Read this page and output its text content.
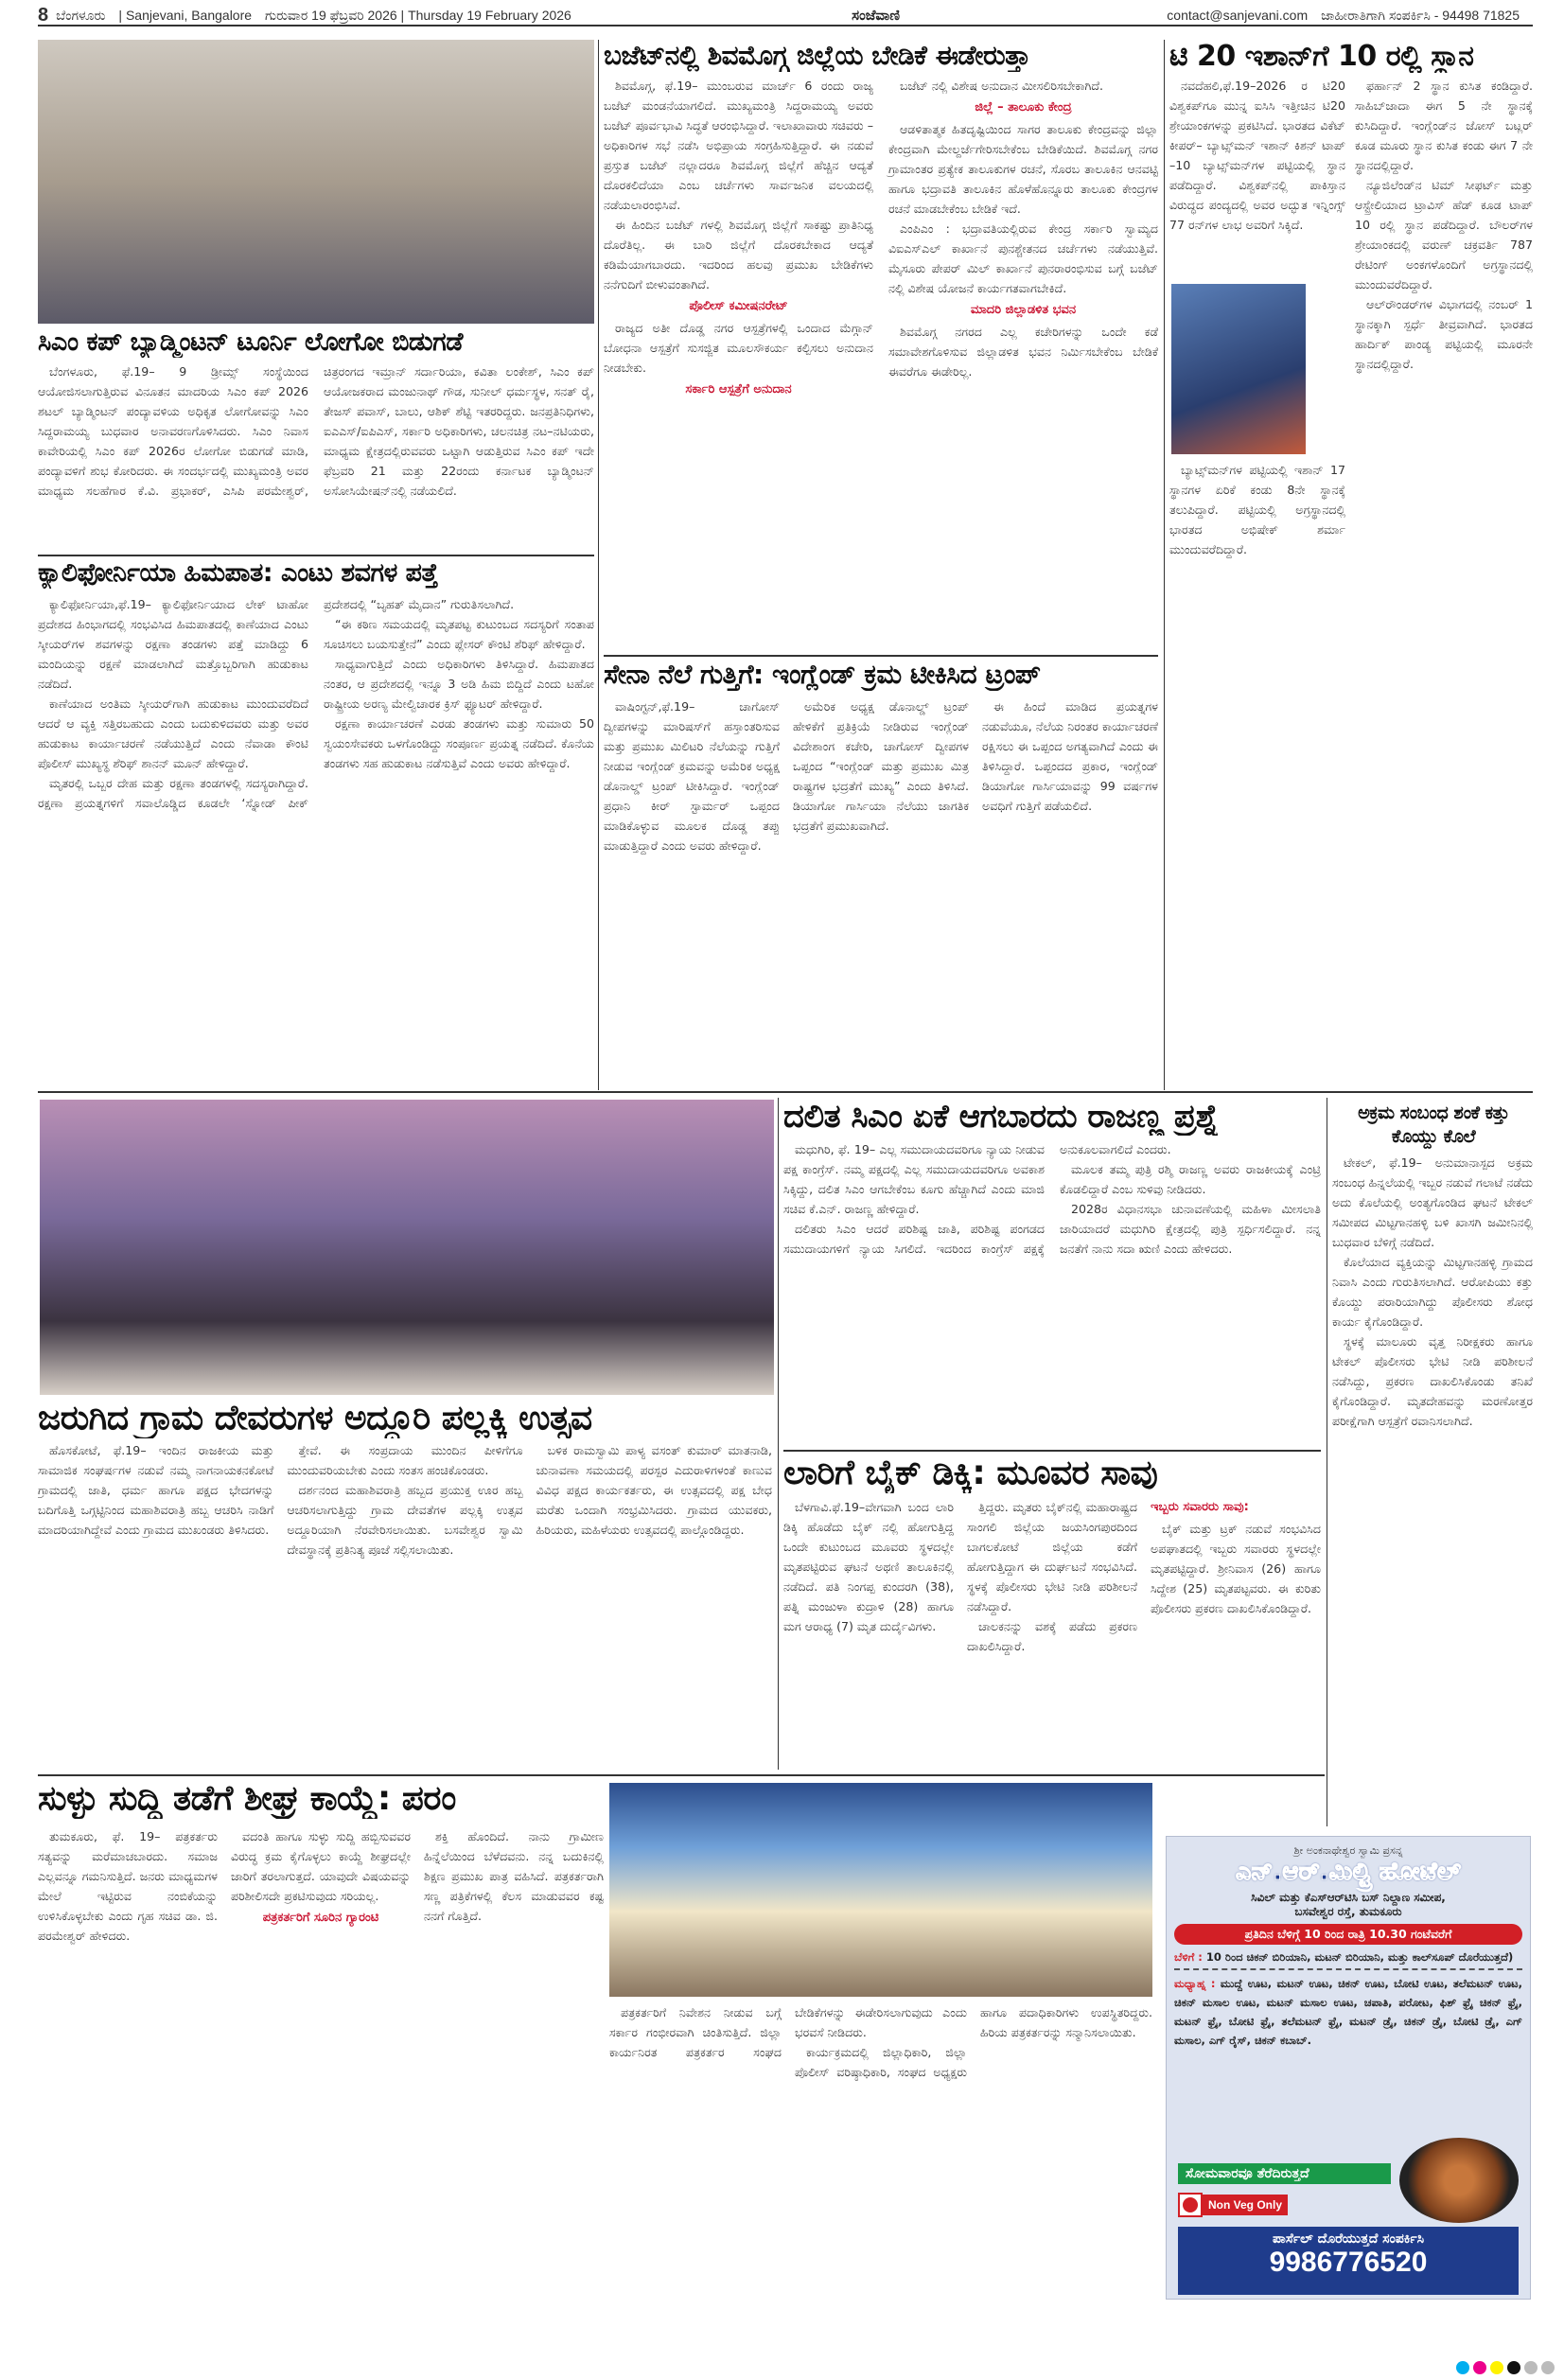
8 ಬೆಂಗಳೂರು | Sanjevani, Bangalore ಗುರುವಾರ 19 ಫೆಬ್ರವರಿ 2026 | Thursday 19 February 2026	ಸಂಜೆವಾಣಿ	contact@sanjevani.com ಜಾಹೀರಾತಿಗಾಗಿ ಸಂಪರ್ಕಿಸಿ - 94498 71825
ಸಿಎಂ ಕಪ್ ಬ್ಯಾಡ್ಮಿಂಟನ್ ಟೂರ್ನಿ ಲೋಗೋ ಬಿಡುಗಡೆ

ಬೆಂಗಳೂರು, ಫೆ.19– 9 ಡ್ರೀಮ್ಸ್ ಸಂಸ್ಥೆಯಿಂದ ಆಯೋಜಿಸಲಾಗುತ್ತಿರುವ ವಿನೂತನ ಮಾದರಿಯ ಸಿಎಂ ಕಪ್ 2026 ಶಟಲ್ ಬ್ಯಾಡ್ಮಿಂಟನ್ ಪಂದ್ಯಾವಳಿಯ ಅಧಿಕೃತ ಲೋಗೋವನ್ನು ಸಿಎಂ ಸಿದ್ದರಾಮಯ್ಯ ಬುಧವಾರ ಅನಾವರಣಗೊಳಿಸಿದರು. ಸಿಎಂ ನಿವಾಸ ಕಾವೇರಿಯಲ್ಲಿ ಸಿಎಂ ಕಪ್ 2026ರ ಲೋಗೋ ಬಿಡುಗಡೆ ಮಾಡಿ, ಪಂದ್ಯಾವಳಿಗೆ ಶುಭ ಕೋರಿದರು. ಈ ಸಂದರ್ಭದಲ್ಲಿ ಮುಖ್ಯಮಂತ್ರಿ ಅವರ ಮಾಧ್ಯಮ ಸಲಹೆಗಾರ ಕೆ.ವಿ. ಪ್ರಭಾಕರ್, ಎಸಿಪಿ ಪರಮೇಶ್ವರ್, ಚಿತ್ರರಂಗದ ಇಮ್ರಾನ್ ಸರ್ದಾರಿಯಾ, ಕವಿತಾ ಲಂಕೇಶ್, ಸಿಎಂ ಕಪ್ ಆಯೋಜಕರಾದ ಮಂಜುನಾಥ್ ಗೌಡ, ಸುನೀಲ್ ಧರ್ಮಸ್ಥಳ, ಸನತ್ ರೈ, ತೇಜಸ್ ಪವಾಸ್, ಬಾಲು, ಆಶಿಕ್ ಶೆಟ್ಟಿ ಇತರರಿದ್ದರು. ಜನಪ್ರತಿನಿಧಿಗಳು, ಐಎಎಸ್/ಐಪಿಎಸ್, ಸರ್ಕಾರಿ ಅಧಿಕಾರಿಗಳು, ಚಲನಚಿತ್ರ ನಟ–ನಟಿಯರು, ಮಾಧ್ಯಮ ಕ್ಷೇತ್ರದಲ್ಲಿರುವವರು ಒಟ್ಟಾಗಿ ಆಡುತ್ತಿರುವ ಸಿಎಂ ಕಪ್ ಇದೇ ಫೆಬ್ರವರಿ 21 ಮತ್ತು 22ರಂದು ಕರ್ನಾಟಕ ಬ್ಯಾಡ್ಮಿಂಟನ್ ಅಸೋಸಿಯೇಷನ್‌ನಲ್ಲಿ ನಡೆಯಲಿದೆ.

ಕ್ಯಾಲಿಫೋರ್ನಿಯಾ ಹಿಮಪಾತ: ಎಂಟು ಶವಗಳ ಪತ್ತೆ

ಕ್ಯಾಲಿಫೋರ್ನಿಯಾ,ಫೆ.19– ಕ್ಯಾಲಿಫೋರ್ನಿಯಾದ ಲೇಕ್ ಟಾಹೋ ಪ್ರದೇಶದ ಹಿಂಭಾಗದಲ್ಲಿ ಸಂಭವಿಸಿದ ಹಿಮಪಾತದಲ್ಲಿ ಕಾಣೆಯಾದ ಎಂಟು ಸ್ಕೀಯರ್‌ಗಳ ಶವಗಳನ್ನು ರಕ್ಷಣಾ ತಂಡಗಳು ಪತ್ತೆ ಮಾಡಿದ್ದು 6 ಮಂದಿಯನ್ನು ರಕ್ಷಣೆ ಮಾಡಲಾಗಿದೆ ಮತ್ತೊಬ್ಬರಿಗಾಗಿ ಹುಡುಕಾಟ ನಡೆದಿದೆ.

ಕಾಣೆಯಾದ ಅಂತಿಮ ಸ್ಕೀಯರ್‌ಗಾಗಿ ಹುಡುಕಾಟ ಮುಂದುವರೆದಿದೆ ಆದರೆ ಆ ವ್ಯಕ್ತಿ ಸತ್ತಿರಬಹುದು ಎಂದು ಬದುಕುಳಿದವರು ಮತ್ತು ಅವರ ಹುಡುಕಾಟ ಕಾರ್ಯಾಚರಣೆ ನಡೆಯುತ್ತಿದೆ ಎಂದು ನೆವಾಡಾ ಕೌಂಟಿ ಪೊಲೀಸ್ ಮುಖ್ಯಸ್ಥ ಶೆರಿಫ್ ಶಾನನ್ ಮೂನ್ ಹೇಳಿದ್ದಾರೆ.

ಮೃತರಲ್ಲಿ ಒಬ್ಬರ ದೇಹ ಮತ್ತು ರಕ್ಷಣಾ ತಂಡಗಳಲ್ಲಿ ಸದಸ್ಯರಾಗಿದ್ದಾರೆ. ರಕ್ಷಣಾ ಪ್ರಯತ್ನಗಳಿಗೆ ಸವಾಲೊಡ್ಡಿದ ಕೂಡಲೇ ‘ಸ್ನೋಡ್ ಪೀಕ್ ಪ್ರದೇಶದಲ್ಲಿ “ಬೃಹತ್ ಮೈದಾನ” ಗುರುತಿಸಲಾಗಿದೆ.

“ಈ ಕಠಿಣ ಸಮಯದಲ್ಲಿ ಮೃತಪಟ್ಟ ಕುಟುಂಬದ ಸದಸ್ಯರಿಗೆ ಸಂತಾಪ ಸೂಚಿಸಲು ಬಯಸುತ್ತೇನೆ” ಎಂದು ಪ್ಲೇಸರ್ ಕೌಂಟಿ ಶೆರಿಫ್ ಹೇಳಿದ್ದಾರೆ.

ಸಾಧ್ಯವಾಗುತ್ತಿದೆ ಎಂದು ಅಧಿಕಾರಿಗಳು ತಿಳಿಸಿದ್ದಾರೆ. ಹಿಮಪಾತದ ನಂತರ, ಆ ಪ್ರದೇಶದಲ್ಲಿ ಇನ್ನೂ 3 ಅಡಿ ಹಿಮ ಬಿದ್ದಿದೆ ಎಂದು ಟಹೋ ರಾಷ್ಟ್ರೀಯ ಅರಣ್ಯ ಮೇಲ್ವಿಚಾರಕ ಕ್ರಿಸ್ ಫ್ಯೂಟರ್ ಹೇಳಿದ್ದಾರೆ.

ರಕ್ಷಣಾ ಕಾರ್ಯಾಚರಣೆ ಎರಡು ತಂಡಗಳು ಮತ್ತು ಸುಮಾರು 50 ಸ್ವಯಂಸೇವಕರು ಒಳಗೊಂಡಿದ್ದು ಸಂಪೂರ್ಣ ಪ್ರಯತ್ನ ನಡೆದಿದೆ. ಕೊನೆಯ ತಂಡಗಳು ಸಹ ಹುಡುಕಾಟ ನಡೆಸುತ್ತಿವೆ ಎಂದು ಅವರು ಹೇಳಿದ್ದಾರೆ.

ಬಜೆಟ್‌ನಲ್ಲಿ ಶಿವಮೊಗ್ಗ ಜಿಲ್ಲೆಯ ಬೇಡಿಕೆ ಈಡೇರುತ್ತಾ

ಶಿವಮೊಗ್ಗ, ಫೆ.19– ಮುಂಬರುವ ಮಾರ್ಚ್ 6 ರಂದು ರಾಜ್ಯ ಬಜೆಟ್ ಮಂಡನೆಯಾಗಲಿದೆ. ಮುಖ್ಯಮಂತ್ರಿ ಸಿದ್ದರಾಮಯ್ಯ ಅವರು ಬಜೆಟ್ ಪೂರ್ವಭಾವಿ ಸಿದ್ಧತೆ ಆರಂಭಿಸಿದ್ದಾರೆ. ಇಲಾಖಾವಾರು ಸಚಿವರು – ಅಧಿಕಾರಿಗಳ ಸಭೆ ನಡೆಸಿ ಅಭಿಪ್ರಾಯ ಸಂಗ್ರಹಿಸುತ್ತಿದ್ದಾರೆ. ಈ ನಡುವೆ ಪ್ರಸ್ತುತ ಬಜೆಟ್ ನಲ್ಲಾದರೂ ಶಿವಮೊಗ್ಗ ಜಿಲ್ಲೆಗೆ ಹೆಚ್ಚಿನ ಆದ್ಯತೆ ದೊರಕಲಿದೆಯಾ ಎಂಬ ಚರ್ಚೆಗಳು ಸಾರ್ವಜನಿಕ ವಲಯದಲ್ಲಿ ನಡೆಯಲಾರಂಭಿಸಿವೆ.

ಈ ಹಿಂದಿನ ಬಜೆಟ್ ಗಳಲ್ಲಿ ಶಿವಮೊಗ್ಗ ಜಿಲ್ಲೆಗೆ ಸಾಕಷ್ಟು ಪ್ರಾತಿನಿಧ್ಯ ದೊರೆತಿಲ್ಲ. ಈ ಬಾರಿ ಜಿಲ್ಲೆಗೆ ದೊರಕಬೇಕಾದ ಆದ್ಯತೆ ಕಡಿಮೆಯಾಗಬಾರದು. ಇದರಿಂದ ಹಲವು ಪ್ರಮುಖ ಬೇಡಿಕೆಗಳು ನನೆಗುದಿಗೆ ಬೀಳುವಂತಾಗಿದೆ.

ಪೊಲೀಸ್ ಕಮೀಷನರೇಟ್

ರಾಜ್ಯದ ಅತೀ ದೊಡ್ಡ ನಗರ ಆಸ್ಪತ್ರೆಗಳಲ್ಲಿ ಒಂದಾದ ಮೆಗ್ಗಾನ್ ಬೋಧನಾ ಆಸ್ಪತ್ರೆಗೆ ಸುಸಜ್ಜಿತ ಮೂಲಸೌಕರ್ಯ ಕಲ್ಪಿಸಲು ಅನುದಾನ ನೀಡಬೇಕು.

ಸರ್ಕಾರಿ ಆಸ್ಪತ್ರೆಗೆ ಅನುದಾನ

ಬಜೆಟ್ ನಲ್ಲಿ ವಿಶೇಷ ಅನುದಾನ ಮೀಸಲಿರಿಸಬೇಕಾಗಿದೆ.

ಜಿಲ್ಲೆ – ತಾಲೂಕು ಕೇಂದ್ರ

ಆಡಳಿತಾತ್ಮಕ ಹಿತದೃಷ್ಟಿಯಿಂದ ಸಾಗರ ತಾಲೂಕು ಕೇಂದ್ರವನ್ನು ಜಿಲ್ಲಾ ಕೇಂದ್ರವಾಗಿ ಮೇಲ್ದರ್ಜೆಗೇರಿಸಬೇಕೆಂಬ ಬೇಡಿಕೆಯಿದೆ. ಶಿವಮೊಗ್ಗ ನಗರ ಗ್ರಾಮಾಂತರ ಪ್ರತ್ಯೇಕ ತಾಲೂಕುಗಳ ರಚನೆ, ಸೊರಬ ತಾಲೂಕಿನ ಆನವಟ್ಟಿ ಹಾಗೂ ಭದ್ರಾವತಿ ತಾಲೂಕಿನ ಹೊಳೆಹೊನ್ನೂರು ತಾಲೂಕು ಕೇಂದ್ರಗಳ ರಚನೆ ಮಾಡಬೇಕೆಂಬ ಬೇಡಿಕೆ ಇದೆ.

ಎಂಪಿಎಂ : ಭದ್ರಾವತಿಯಲ್ಲಿರುವ ಕೇಂದ್ರ ಸರ್ಕಾರಿ ಸ್ವಾಮ್ಯದ ವಿಐಎಸ್‌ಎಲ್ ಕಾರ್ಖಾನೆ ಪುನಶ್ಚೇತನದ ಚರ್ಚೆಗಳು ನಡೆಯುತ್ತಿವೆ. ಮೈಸೂರು ಪೇಪರ್ ಮಿಲ್ ಕಾರ್ಖಾನೆ ಪುನರಾರಂಭಿಸುವ ಬಗ್ಗೆ ಬಜೆಟ್ ನಲ್ಲಿ ವಿಶೇಷ ಯೋಜನೆ ಕಾರ್ಯಗತವಾಗಬೇಕಿದೆ.

ಮಾದರಿ ಜಿಲ್ಲಾಡಳಿತ ಭವನ

ಶಿವಮೊಗ್ಗ ನಗರದ ಎಲ್ಲ ಕಚೇರಿಗಳನ್ನು ಒಂದೇ ಕಡೆ ಸಮಾವೇಶಗೊಳಿಸುವ ಜಿಲ್ಲಾಡಳಿತ ಭವನ ನಿರ್ಮಿಸಬೇಕೆಂಬ ಬೇಡಿಕೆ ಈವರೆಗೂ ಈಡೇರಿಲ್ಲ.

ಸೇನಾ ನೆಲೆ ಗುತ್ತಿಗೆ: ಇಂಗ್ಲೆಂಡ್ ಕ್ರಮ ಟೀಕಿಸಿದ ಟ್ರಂಪ್

ವಾಷಿಂಗ್ಟನ್,ಫೆ.19– ಚಾಗೋಸ್ ದ್ವೀಪಗಳನ್ನು ಮಾರಿಷಸ್‌ಗೆ ಹಸ್ತಾಂತರಿಸುವ ಮತ್ತು ಪ್ರಮುಖ ಮಿಲಿಟರಿ ನೆಲೆಯನ್ನು ಗುತ್ತಿಗೆ ನೀಡುವ ಇಂಗ್ಲೆಂಡ್ ಕ್ರಮವನ್ನು ಅಮೆರಿಕ ಅಧ್ಯಕ್ಷ ಡೊನಾಲ್ಡ್ ಟ್ರಂಪ್ ಟೀಕಿಸಿದ್ದಾರೆ. ಇಂಗ್ಲೆಂಡ್ ಪ್ರಧಾನಿ ಕೀರ್ ಸ್ಟಾರ್ಮರ್ ಒಪ್ಪಂದ ಮಾಡಿಕೊಳ್ಳುವ ಮೂಲಕ ದೊಡ್ಡ ತಪ್ಪು ಮಾಡುತ್ತಿದ್ದಾರೆ ಎಂದು ಅವರು ಹೇಳಿದ್ದಾರೆ.

ಅಮೆರಿಕ ಅಧ್ಯಕ್ಷ ಡೊನಾಲ್ಡ್ ಟ್ರಂಪ್ ಹೇಳಿಕೆಗೆ ಪ್ರತಿಕ್ರಿಯೆ ನೀಡಿರುವ ಇಂಗ್ಲೆಂಡ್ ವಿದೇಶಾಂಗ ಕಚೇರಿ, ಚಾಗೋಸ್ ದ್ವೀಪಗಳ ಒಪ್ಪಂದ “ಇಂಗ್ಲೆಂಡ್ ಮತ್ತು ಪ್ರಮುಖ ಮಿತ್ರ ರಾಷ್ಟ್ರಗಳ ಭದ್ರತೆಗೆ ಮುಖ್ಯ” ಎಂದು ತಿಳಿಸಿದೆ. ಡಿಯಾಗೋ ಗಾರ್ಸಿಯಾ ನೆಲೆಯು ಜಾಗತಿಕ ಭದ್ರತೆಗೆ ಪ್ರಮುಖವಾಗಿದೆ.

ಈ ಹಿಂದೆ ಮಾಡಿದ ಪ್ರಯತ್ನಗಳ ನಡುವೆಯೂ, ನೆಲೆಯ ನಿರಂತರ ಕಾರ್ಯಾಚರಣೆ ರಕ್ಷಿಸಲು ಈ ಒಪ್ಪಂದ ಅಗತ್ಯವಾಗಿದೆ ಎಂದು ಈ ತಿಳಿಸಿದ್ದಾರೆ. ಒಪ್ಪಂದದ ಪ್ರಕಾರ, ಇಂಗ್ಲೆಂಡ್ ಡಿಯಾಗೋ ಗಾರ್ಸಿಯಾವನ್ನು 99 ವರ್ಷಗಳ ಅವಧಿಗೆ ಗುತ್ತಿಗೆ ಪಡೆಯಲಿದೆ.

ಟಿ 20 ಇಶಾನ್‌ಗೆ 10 ರಲ್ಲಿ ಸ್ಥಾನ

ನವದೆಹಲಿ,ಫೆ.19–2026 ರ ಟಿ20 ವಿಶ್ವಕಪ್‌ಗೂ ಮುನ್ನ ಐಸಿಸಿ ಇತ್ತೀಚಿನ ಟಿ20 ಶ್ರೇಯಾಂಕಗಳನ್ನು ಪ್ರಕಟಿಸಿದೆ. ಭಾರತದ ವಿಕೆಟ್ ಕೀಪರ್– ಬ್ಯಾಟ್ಸ್‌ಮನ್ ಇಶಾನ್ ಕಿಶನ್ ಟಾಪ್ –10 ಬ್ಯಾಟ್ಸ್‌ಮನ್‌ಗಳ ಪಟ್ಟಿಯಲ್ಲಿ ಸ್ಥಾನ ಪಡೆದಿದ್ದಾರೆ. ವಿಶ್ವಕಪ್‌ನಲ್ಲಿ ಪಾಕಿಸ್ತಾನ ವಿರುದ್ಧದ ಪಂದ್ಯದಲ್ಲಿ ಅವರ ಅದ್ಭುತ ಇನ್ನಿಂಗ್ಸ್ 77 ರನ್‌ಗಳ ಲಾಭ ಅವರಿಗೆ ಸಿಕ್ಕಿದೆ.

ಬ್ಯಾಟ್ಸ್‌ಮನ್‌ಗಳ ಪಟ್ಟಿಯಲ್ಲಿ ಇಶಾನ್ 17 ಸ್ಥಾನಗಳ ಏರಿಕೆ ಕಂಡು 8ನೇ ಸ್ಥಾನಕ್ಕೆ ತಲುಪಿದ್ದಾರೆ. ಪಟ್ಟಿಯಲ್ಲಿ ಅಗ್ರಸ್ಥಾನದಲ್ಲಿ ಭಾರತದ ಅಭಿಷೇಕ್ ಶರ್ಮಾ ಮುಂದುವರೆದಿದ್ದಾರೆ.

ಫರ್ಹಾನ್ 2 ಸ್ಥಾನ ಕುಸಿತ ಕಂಡಿದ್ದಾರೆ. ಸಾಹಿಬ್‌ಜಾದಾ ಈಗ 5 ನೇ ಸ್ಥಾನಕ್ಕೆ ಕುಸಿದಿದ್ದಾರೆ. ಇಂಗ್ಲೆಂಡ್‌ನ ಜೋಸ್ ಬಟ್ಲರ್ ಕೂಡ ಮೂರು ಸ್ಥಾನ ಕುಸಿತ ಕಂಡು ಈಗ 7 ನೇ ಸ್ಥಾನದಲ್ಲಿದ್ದಾರೆ.

ನ್ಯೂಜಿಲೆಂಡ್‌ನ ಟಿಮ್ ಸೀಫರ್ಟ್ ಮತ್ತು ಆಸ್ಟ್ರೇಲಿಯಾದ ಟ್ರಾವಿಸ್ ಹೆಡ್ ಕೂಡ ಟಾಪ್ 10 ರಲ್ಲಿ ಸ್ಥಾನ ಪಡೆದಿದ್ದಾರೆ. ಬೌಲರ್‌ಗಳ ಶ್ರೇಯಾಂಕದಲ್ಲಿ ವರುಣ್ ಚಕ್ರವರ್ತಿ 787 ರೇಟಿಂಗ್ ಅಂಕಗಳೊಂದಿಗೆ ಅಗ್ರಸ್ಥಾನದಲ್ಲಿ ಮುಂದುವರೆದಿದ್ದಾರೆ.

ಆಲ್‌ರೌಂಡರ್‌ಗಳ ವಿಭಾಗದಲ್ಲಿ ನಂಬರ್ 1 ಸ್ಥಾನಕ್ಕಾಗಿ ಸ್ಪರ್ಧೆ ತೀವ್ರವಾಗಿದೆ. ಭಾರತದ ಹಾರ್ದಿಕ್ ಪಾಂಡ್ಯ ಪಟ್ಟಿಯಲ್ಲಿ ಮೂರನೇ ಸ್ಥಾನದಲ್ಲಿದ್ದಾರೆ.

ಜರುಗಿದ ಗ್ರಾಮ ದೇವರುಗಳ ಅದ್ದೂರಿ ಪಲ್ಲಕ್ಕಿ ಉತ್ಸವ

ಹೊಸಕೋಟೆ, ಫೆ.19– ಇಂದಿನ ರಾಜಕೀಯ ಮತ್ತು ಸಾಮಾಜಿಕ ಸಂಘರ್ಷಗಳ ನಡುವೆ ನಮ್ಮ ನಾಗನಾಯಕನಕೋಟೆ ಗ್ರಾಮದಲ್ಲಿ ಜಾತಿ, ಧರ್ಮ ಹಾಗೂ ಪಕ್ಷದ ಭೇದಗಳನ್ನು ಬದಿಗೊತ್ತಿ ಒಗ್ಗಟ್ಟಿನಿಂದ ಮಹಾಶಿವರಾತ್ರಿ ಹಬ್ಬ ಆಚರಿಸಿ ನಾಡಿಗೆ ಮಾದರಿಯಾಗಿದ್ದೇವೆ ಎಂದು ಗ್ರಾಮದ ಮುಖಂಡರು ತಿಳಿಸಿದರು.

ತ್ತೇವೆ. ಈ ಸಂಪ್ರದಾಯ ಮುಂದಿನ ಪೀಳಿಗೆಗೂ ಮುಂದುವರಿಯಬೇಕು ಎಂದು ಸಂತಸ ಹಂಚಿಕೊಂಡರು.

ದರ್ಶನಂದ ಮಹಾಶಿವರಾತ್ರಿ ಹಬ್ಬದ ಪ್ರಯುಕ್ತ ಊರ ಹಬ್ಬ ಆಚರಿಸಲಾಗುತ್ತಿದ್ದು ಗ್ರಾಮ ದೇವತೆಗಳ ಪಲ್ಲಕ್ಕಿ ಉತ್ಸವ ಅದ್ದೂರಿಯಾಗಿ ನೆರವೇರಿಸಲಾಯಿತು. ಬಸವೇಶ್ವರ ಸ್ವಾಮಿ ದೇವಸ್ಥಾನಕ್ಕೆ ಪ್ರತಿನಿತ್ಯ ಪೂಜೆ ಸಲ್ಲಿಸಲಾಯಿತು.

ಬಳಿಕ ರಾಮಸ್ವಾಮಿ ಪಾಳ್ಯ ವಸಂತ್ ಕುಮಾರ್ ಮಾತನಾಡಿ, ಚುನಾವಣಾ ಸಮಯದಲ್ಲಿ ಪರಸ್ಪರ ಎದುರಾಳಿಗಳಂತೆ ಕಾಣುವ ವಿವಿಧ ಪಕ್ಷದ ಕಾರ್ಯಕರ್ತರು, ಈ ಉತ್ಸವದಲ್ಲಿ ಪಕ್ಷ ಬೇಧ ಮರೆತು ಒಂದಾಗಿ ಸಂಭ್ರಮಿಸಿದರು. ಗ್ರಾಮದ ಯುವಕರು, ಹಿರಿಯರು, ಮಹಿಳೆಯರು ಉತ್ಸವದಲ್ಲಿ ಪಾಲ್ಗೊಂಡಿದ್ದರು.

ದಲಿತ ಸಿಎಂ ಏಕೆ ಆಗಬಾರದು ರಾಜಣ್ಣ ಪ್ರಶ್ನೆ

ಮಧುಗಿರಿ, ಫೆ. 19– ಎಲ್ಲ ಸಮುದಾಯದವರಿಗೂ ನ್ಯಾಯ ನೀಡುವ ಪಕ್ಷ ಕಾಂಗ್ರೆಸ್. ನಮ್ಮ ಪಕ್ಷದಲ್ಲಿ ಎಲ್ಲ ಸಮುದಾಯದವರಿಗೂ ಅವಕಾಶ ಸಿಕ್ಕಿದ್ದು, ದಲಿತ ಸಿಎಂ ಆಗಬೇಕೆಂಬ ಕೂಗು ಹೆಚ್ಚಾಗಿದೆ ಎಂದು ಮಾಜಿ ಸಚಿವ ಕೆ.ಎನ್. ರಾಜಣ್ಣ ಹೇಳಿದ್ದಾರೆ.

ದಲಿತರು ಸಿಎಂ ಆದರೆ ಪರಿಶಿಷ್ಟ ಜಾತಿ, ಪರಿಶಿಷ್ಟ ಪಂಗಡದ ಸಮುದಾಯಗಳಿಗೆ ನ್ಯಾಯ ಸಿಗಲಿದೆ. ಇದರಿಂದ ಕಾಂಗ್ರೆಸ್ ಪಕ್ಷಕ್ಕೆ ಅನುಕೂಲವಾಗಲಿದೆ ಎಂದರು.

ಮೂಲಕ ತಮ್ಮ ಪುತ್ರಿ ರಶ್ಮಿ ರಾಜಣ್ಣ ಅವರು ರಾಜಕೀಯಕ್ಕೆ ಎಂಟ್ರಿ ಕೊಡಲಿದ್ದಾರೆ ಎಂಬ ಸುಳಿವು ನೀಡಿದರು.

2028ರ ವಿಧಾನಸಭಾ ಚುನಾವಣೆಯಲ್ಲಿ ಮಹಿಳಾ ಮೀಸಲಾತಿ ಜಾರಿಯಾದರೆ ಮಧುಗಿರಿ ಕ್ಷೇತ್ರದಲ್ಲಿ ಪುತ್ರಿ ಸ್ಪರ್ಧಿಸಲಿದ್ದಾರೆ. ನನ್ನ ಜನತೆಗೆ ನಾನು ಸದಾ ಋಣಿ ಎಂದು ಹೇಳಿದರು.

ಲಾರಿಗೆ ಬೈಕ್ ಡಿಕ್ಕಿ: ಮೂವರ ಸಾವು

ಬೆಳಗಾವಿ.ಫೆ.19–ವೇಗವಾಗಿ ಬಂದ ಲಾರಿ ಡಿಕ್ಕಿ ಹೊಡೆದು ಬೈಕ್ ನಲ್ಲಿ ಹೋಗುತ್ತಿದ್ದ ಒಂದೇ ಕುಟುಂಬದ ಮೂವರು ಸ್ಥಳದಲ್ಲೇ ಮೃತಪಟ್ಟಿರುವ ಘಟನೆ ಅಥಣಿ ತಾಲೂಕಿನಲ್ಲಿ ನಡೆದಿದೆ. ಪತಿ ನಿಂಗಪ್ಪ ಕುಂದರಗಿ (38), ಪತ್ನಿ ಮಂಜುಳಾ ಕುದ್ರಾಳಿ (28) ಹಾಗೂ ಮಗ ಆರಾಧ್ಯ (7) ಮೃತ ದುರ್ದೈವಿಗಳು.

ತ್ತಿದ್ದರು. ಮೃತರು ಬೈಕ್‌ನಲ್ಲಿ ಮಹಾರಾಷ್ಟ್ರದ ಸಾಂಗಲಿ ಜಿಲ್ಲೆಯ ಜಯಸಿಂಗಪುರದಿಂದ ಬಾಗಲಕೋಟೆ ಜಿಲ್ಲೆಯ ಕಡೆಗೆ ಹೋಗುತ್ತಿದ್ದಾಗ ಈ ದುರ್ಘಟನೆ ಸಂಭವಿಸಿದೆ. ಸ್ಥಳಕ್ಕೆ ಪೊಲೀಸರು ಭೇಟಿ ನೀಡಿ ಪರಿಶೀಲನೆ ನಡೆಸಿದ್ದಾರೆ.

ಚಾಲಕನನ್ನು ವಶಕ್ಕೆ ಪಡೆದು ಪ್ರಕರಣ ದಾಖಲಿಸಿದ್ದಾರೆ.

ಇಬ್ಬರು ಸವಾರರು ಸಾವು:

ಬೈಕ್ ಮತ್ತು ಟ್ರಕ್ ನಡುವೆ ಸಂಭವಿಸಿದ ಅಪಘಾತದಲ್ಲಿ ಇಬ್ಬರು ಸವಾರರು ಸ್ಥಳದಲ್ಲೇ ಮೃತಪಟ್ಟಿದ್ದಾರೆ. ಶ್ರೀನಿವಾಸ (26) ಹಾಗೂ ಸಿದ್ದೇಶ (25) ಮೃತಪಟ್ಟವರು. ಈ ಕುರಿತು ಪೊಲೀಸರು ಪ್ರಕರಣ ದಾಖಲಿಸಿಕೊಂಡಿದ್ದಾರೆ.

ಅಕ್ರಮ ಸಂಬಂಧ ಶಂಕೆ ಕತ್ತು ಕೊಯ್ದು ಕೊಲೆ

ಟೇಕಲ್, ಫೆ.19– ಅನುಮಾನಾಸ್ಪದ ಅಕ್ರಮ ಸಂಬಂಧ ಹಿನ್ನಲೆಯಲ್ಲಿ ಇಬ್ಬರ ನಡುವೆ ಗಲಾಟೆ ನಡೆದು ಅದು ಕೊಲೆಯಲ್ಲಿ ಅಂತ್ಯಗೊಂಡಿದ ಘಟನೆ ಟೇಕಲ್ ಸಮೀಪದ ಮಿಟ್ಟಗಾನಹಳ್ಳಿ ಬಳಿ ಖಾಸಗಿ ಜಮೀನಿನಲ್ಲಿ ಬುಧವಾರ ಬೆಳಿಗ್ಗೆ ನಡೆದಿದೆ.

ಕೊಲೆಯಾದ ವ್ಯಕ್ತಿಯನ್ನು ಮಿಟ್ಟಗಾನಹಳ್ಳಿ ಗ್ರಾಮದ ನಿವಾಸಿ ಎಂದು ಗುರುತಿಸಲಾಗಿದೆ. ಆರೋಪಿಯು ಕತ್ತು ಕೊಯ್ದು ಪರಾರಿಯಾಗಿದ್ದು ಪೊಲೀಸರು ಶೋಧ ಕಾರ್ಯ ಕೈಗೊಂಡಿದ್ದಾರೆ.

ಸ್ಥಳಕ್ಕೆ ಮಾಲೂರು ವೃತ್ತ ನಿರೀಕ್ಷಕರು ಹಾಗೂ ಟೇಕಲ್ ಪೊಲೀಸರು ಭೇಟಿ ನೀಡಿ ಪರಿಶೀಲನೆ ನಡೆಸಿದ್ದು, ಪ್ರಕರಣ ದಾಖಲಿಸಿಕೊಂಡು ತನಿಖೆ ಕೈಗೊಂಡಿದ್ದಾರೆ. ಮೃತದೇಹವನ್ನು ಮರಣೋತ್ತರ ಪರೀಕ್ಷೆಗಾಗಿ ಆಸ್ಪತ್ರೆಗೆ ರವಾನಿಸಲಾಗಿದೆ.

ಸುಳ್ಳು ಸುದ್ದಿ ತಡೆಗೆ ಶೀಘ್ರ ಕಾಯ್ದೆ: ಪರಂ

ತುಮಕೂರು, ಫೆ. 19– ಪತ್ರಕರ್ತರು ಸತ್ಯವನ್ನು ಮರೆಮಾಚಬಾರದು. ಸಮಾಜ ಎಲ್ಲವನ್ನೂ ಗಮನಿಸುತ್ತಿದೆ. ಜನರು ಮಾಧ್ಯಮಗಳ ಮೇಲೆ ಇಟ್ಟಿರುವ ನಂಬಿಕೆಯನ್ನು ಉಳಿಸಿಕೊಳ್ಳಬೇಕು ಎಂದು ಗೃಹ ಸಚಿವ ಡಾ. ಜಿ. ಪರಮೇಶ್ವರ್ ಹೇಳಿದರು.

ವದಂತಿ ಹಾಗೂ ಸುಳ್ಳು ಸುದ್ದಿ ಹಬ್ಬಿಸುವವರ ವಿರುದ್ಧ ಕ್ರಮ ಕೈಗೊಳ್ಳಲು ಕಾಯ್ದೆ ಶೀಘ್ರದಲ್ಲೇ ಜಾರಿಗೆ ತರಲಾಗುತ್ತದೆ. ಯಾವುದೇ ವಿಷಯವನ್ನು ಪರಿಶೀಲಿಸದೇ ಪ್ರಕಟಿಸುವುದು ಸರಿಯಲ್ಲ.

ಪತ್ರಕರ್ತರಿಗೆ ಸೂರಿನ ಗ್ಯಾರಂಟಿ

ಶಕ್ತಿ ಹೊಂದಿದೆ. ನಾನು ಗ್ರಾಮೀಣ ಹಿನ್ನೆಲೆಯಿಂದ ಬೆಳೆದವನು. ನನ್ನ ಬದುಕಿನಲ್ಲಿ ಶಿಕ್ಷಣ ಪ್ರಮುಖ ಪಾತ್ರ ವಹಿಸಿದೆ. ಪತ್ರಕರ್ತರಾಗಿ ಸಣ್ಣ ಪತ್ರಿಕೆಗಳಲ್ಲಿ ಕೆಲಸ ಮಾಡುವವರ ಕಷ್ಟ ನನಗೆ ಗೊತ್ತಿದೆ.

ಪತ್ರಕರ್ತರಿಗೆ ನಿವೇಶನ ನೀಡುವ ಬಗ್ಗೆ ಸರ್ಕಾರ ಗಂಭೀರವಾಗಿ ಚಿಂತಿಸುತ್ತಿದೆ. ಜಿಲ್ಲಾ ಕಾರ್ಯನಿರತ ಪತ್ರಕರ್ತರ ಸಂಘದ ಬೇಡಿಕೆಗಳನ್ನು ಈಡೇರಿಸಲಾಗುವುದು ಎಂದು ಭರವಸೆ ನೀಡಿದರು.

ಕಾರ್ಯಕ್ರಮದಲ್ಲಿ ಜಿಲ್ಲಾಧಿಕಾರಿ, ಜಿಲ್ಲಾ ಪೊಲೀಸ್ ವರಿಷ್ಠಾಧಿಕಾರಿ, ಸಂಘದ ಅಧ್ಯಕ್ಷರು ಹಾಗೂ ಪದಾಧಿಕಾರಿಗಳು ಉಪಸ್ಥಿತರಿದ್ದರು. ಹಿರಿಯ ಪತ್ರಕರ್ತರನ್ನು ಸನ್ಮಾನಿಸಲಾಯಿತು.

ಶ್ರೀ ಅಂಕನಾಥೇಶ್ವರ ಸ್ವಾಮಿ ಪ್ರಸನ್ನ
ಎನ್.ಆರ್.ಮಿಲ್ಟ್ರಿ ಹೋಟೆಲ್
ಸಿವಿಲ್ ಮತ್ತು ಕೆಎಸ್ಆರ್‌ಟಿಸಿ ಬಸ್ ನಿಲ್ದಾಣ ಸಮೀಪ,
ಬಸವೇಶ್ವರ ರಸ್ತೆ, ತುಮಕೂರು
ಪ್ರತಿದಿನ ಬೆಳಿಗ್ಗೆ 10 ರಿಂದ ರಾತ್ರಿ 10.30 ಗಂಟೆವರೆಗೆ
ಬೆಳಿಗೆ : 10 ರಿಂದ ಚಿಕನ್ ಬಿರಿಯಾನಿ, ಮಟನ್ ಬಿರಿಯಾನಿ, ಮತ್ತು ಕಾಲ್‌ಸೂಪ್ ದೊರೆಯುತ್ತದೆ)
ಮಧ್ಯಾಹ್ನ : ಮುದ್ದೆ ಊಟ, ಮಟನ್ ಊಟ, ಚಿಕನ್ ಊಟ, ಬೋಟಿ ಊಟ, ತಲೆಮಟನ್ ಊಟ, ಚಿಕನ್ ಮಸಾಲ ಊಟ, ಮಟನ್ ಮಸಾಲ ಊಟ, ಚಪಾತಿ, ಪರೋಟ, ಫಿಶ್ ಫ್ರೈ ಚಿಕನ್ ಫ್ರೈ, ಮಟನ್ ಫ್ರೈ, ಬೋಟಿ ಫ್ರೈ, ತಲೆಮಟನ್ ಫ್ರೈ, ಮಟನ್ ಡ್ರೈ, ಚಿಕನ್ ಡ್ರೈ, ಬೋಟಿ ಡ್ರೈ, ಎಗ್ ಮಸಾಲ, ಎಗ್ ರೈಸ್, ಚಿಕನ್ ಕಬಾಬ್.
ಸೋಮವಾರವೂ ತೆರೆದಿರುತ್ತದೆ
Non Veg Only
ಪಾರ್ಸೆಲ್ ದೊರೆಯುತ್ತದೆ ಸಂಪರ್ಕಿಸಿ
9986776520
